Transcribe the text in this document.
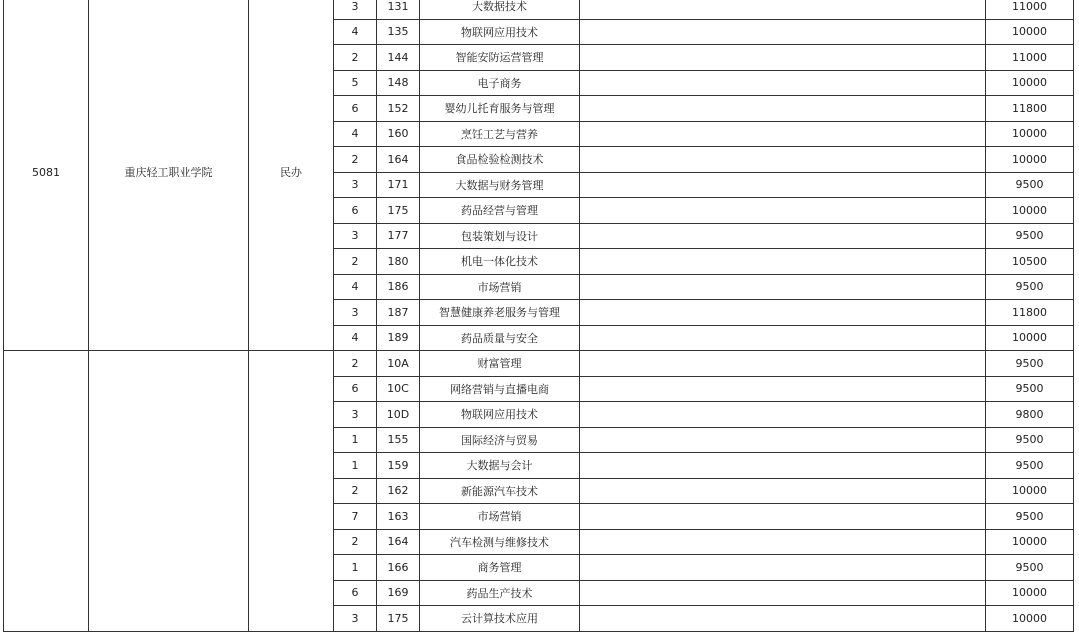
5081	重庆轻工职业学院	民办	3	131	大数据技术		11000
			4	135	物联网应用技术		10000
			2	144	智能安防运营管理		11000
			5	148	电子商务		10000
			6	152	婴幼儿托育服务与管理		11800
			4	160	烹饪工艺与营养		10000
			2	164	食品检验检测技术		10000
			3	171	大数据与财务管理		9500
			6	175	药品经营与管理		10000
			3	177	包装策划与设计		9500
			2	180	机电一体化技术		10500
			4	186	市场营销		9500
			3	187	智慧健康养老服务与管理		11800
			4	189	药品质量与安全		10000
			2	10A	财富管理		9500
			6	10C	网络营销与直播电商		9500
			3	10D	物联网应用技术		9800
			1	155	国际经济与贸易		9500
			1	159	大数据与会计		9500
			2	162	新能源汽车技术		10000
			7	163	市场营销		9500
			2	164	汽车检测与维修技术		10000
			1	166	商务管理		9500
			6	169	药品生产技术		10000
			3	175	云计算技术应用		10000
